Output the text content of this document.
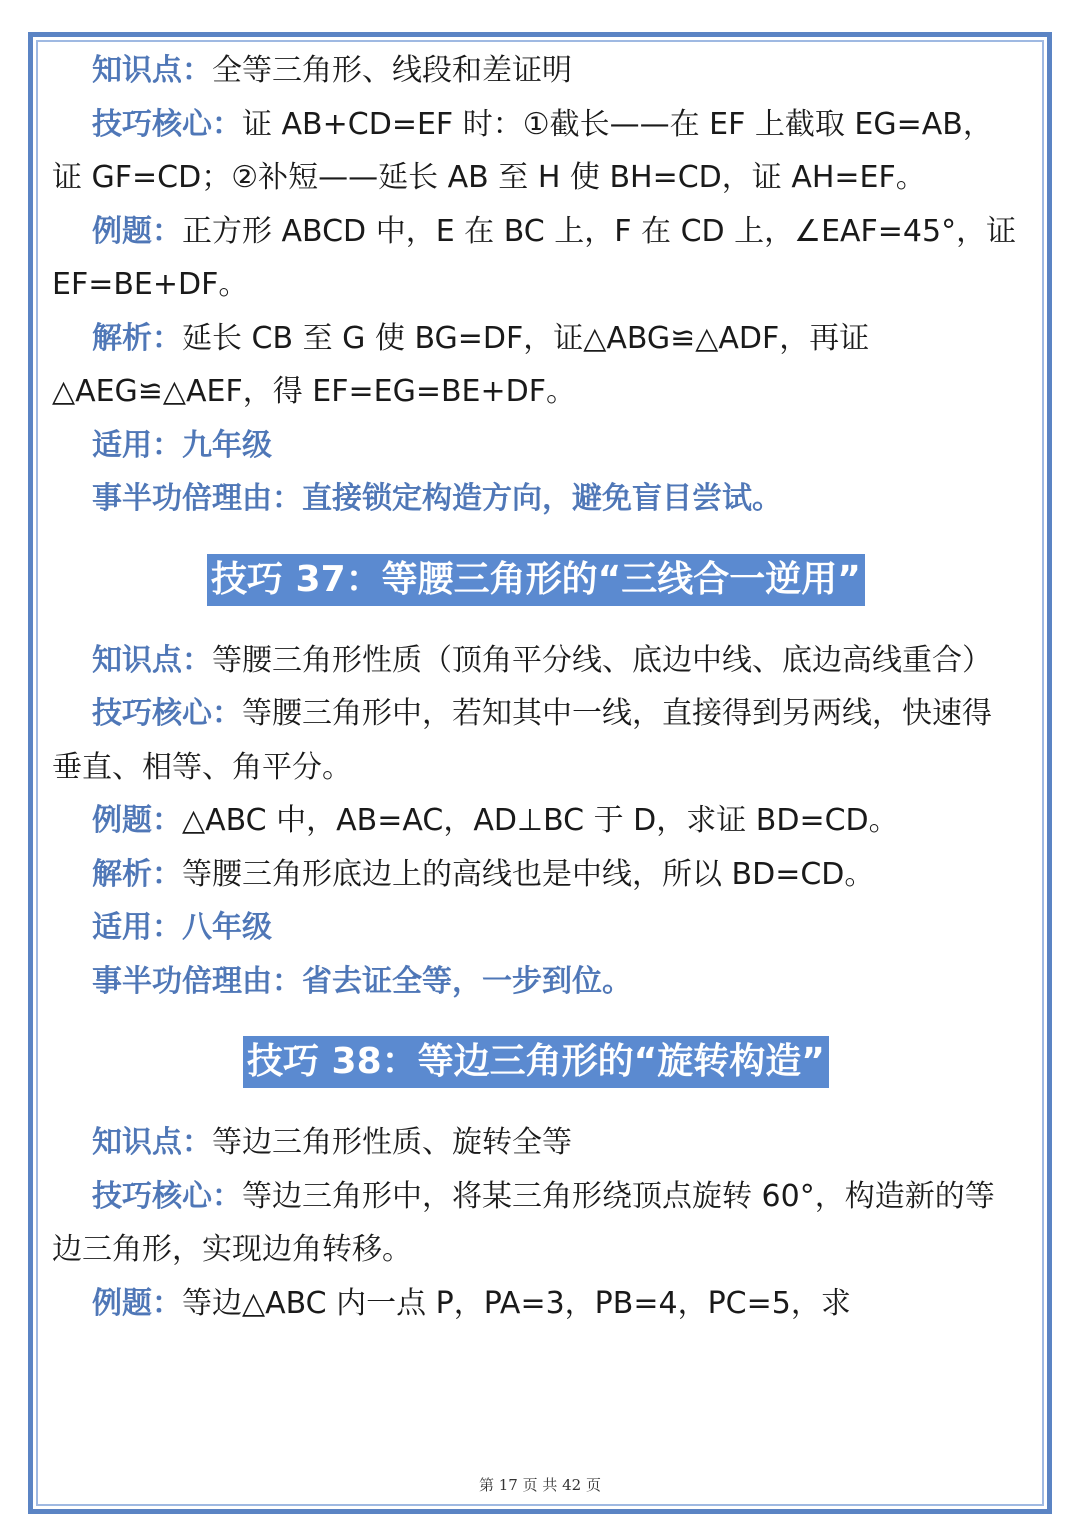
知识点：全等三角形、线段和差证明

技巧核心：证 AB+CD=EF 时：①截长——在 EF 上截取 EG=AB，证 GF=CD；②补短——延长 AB 至 H 使 BH=CD，证 AH=EF。

例题：正方形 ABCD 中，E 在 BC 上，F 在 CD 上，∠EAF=45°，证 EF=BE+DF。

解析：延长 CB 至 G 使 BG=DF，证△ABG≌△ADF，再证△AEG≌△AEF，得 EF=EG=BE+DF。

适用：九年级

事半功倍理由：直接锁定构造方向，避免盲目尝试。

技巧 37：等腰三角形的“三线合一逆用”

知识点：等腰三角形性质（顶角平分线、底边中线、底边高线重合）

技巧核心：等腰三角形中，若知其中一线，直接得到另两线，快速得垂直、相等、角平分。

例题：△ABC 中，AB=AC，AD⊥BC 于 D，求证 BD=CD。

解析：等腰三角形底边上的高线也是中线，所以 BD=CD。

适用：八年级

事半功倍理由：省去证全等，一步到位。

技巧 38：等边三角形的“旋转构造”

知识点：等边三角形性质、旋转全等

技巧核心：等边三角形中，将某三角形绕顶点旋转 60°，构造新的等边三角形，实现边角转移。

例题：等边△ABC 内一点 P，PA=3，PB=4，PC=5，求

第 17 页 共 42 页
